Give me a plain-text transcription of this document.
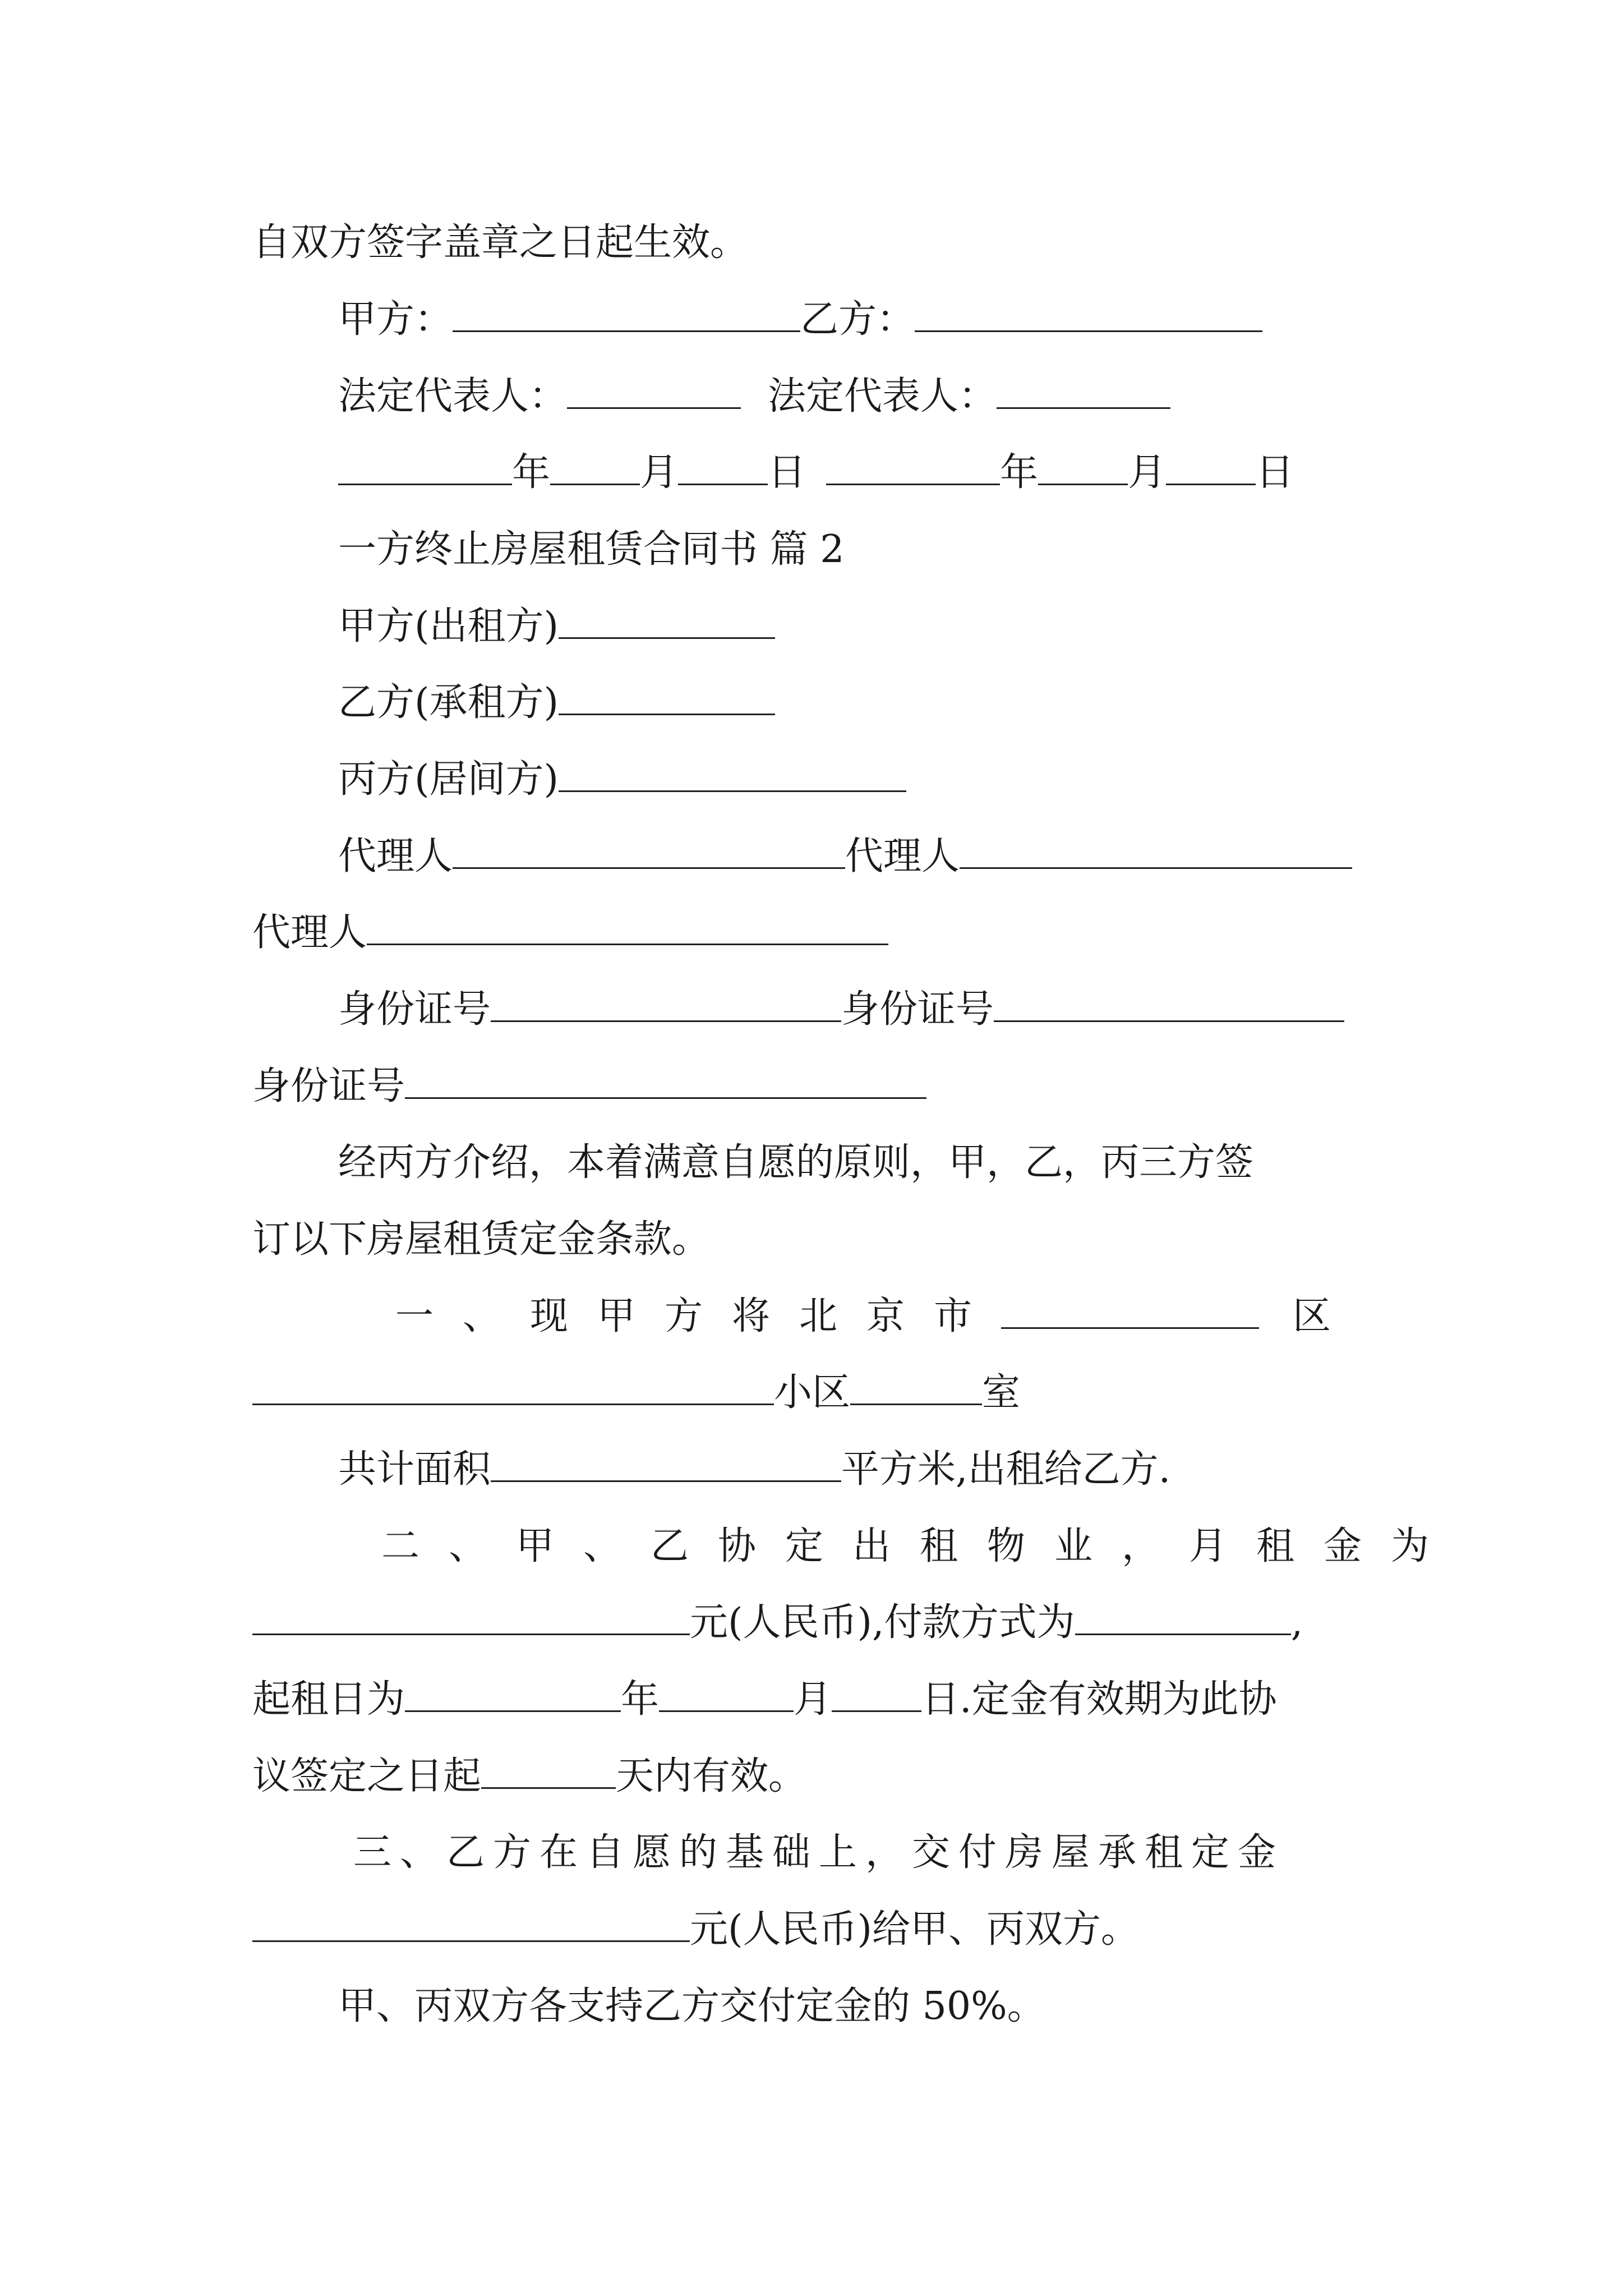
自双方签字盖章之日起生效。
甲方：	乙方：
法定代表人：	法定代表人：
年 月 日	年 月 日
一方终止房屋租赁合同书 篇 2
甲方(出租方)
乙方(承租方)
丙方(居间方)
代理人	代理人
代理人
身份证号	身份证号
身份证号
经丙方介绍，本着满意自愿的原则，甲，乙，丙三方签
订以下房屋租赁定金条款。
一、现甲方将北京市	区
小区	室
共计面积	平方米,出租给乙方.
二、甲、乙协定出租物业，月租金为
元(人民币),付款方式为	,
起租日为	年	月 日.定金有效期为此协
议签定之日起	天内有效。
三、乙方在自愿的基础上，交付房屋承租定金
元(人民币)给甲、丙双方。
甲、丙双方各支持乙方交付定金的 50%。
